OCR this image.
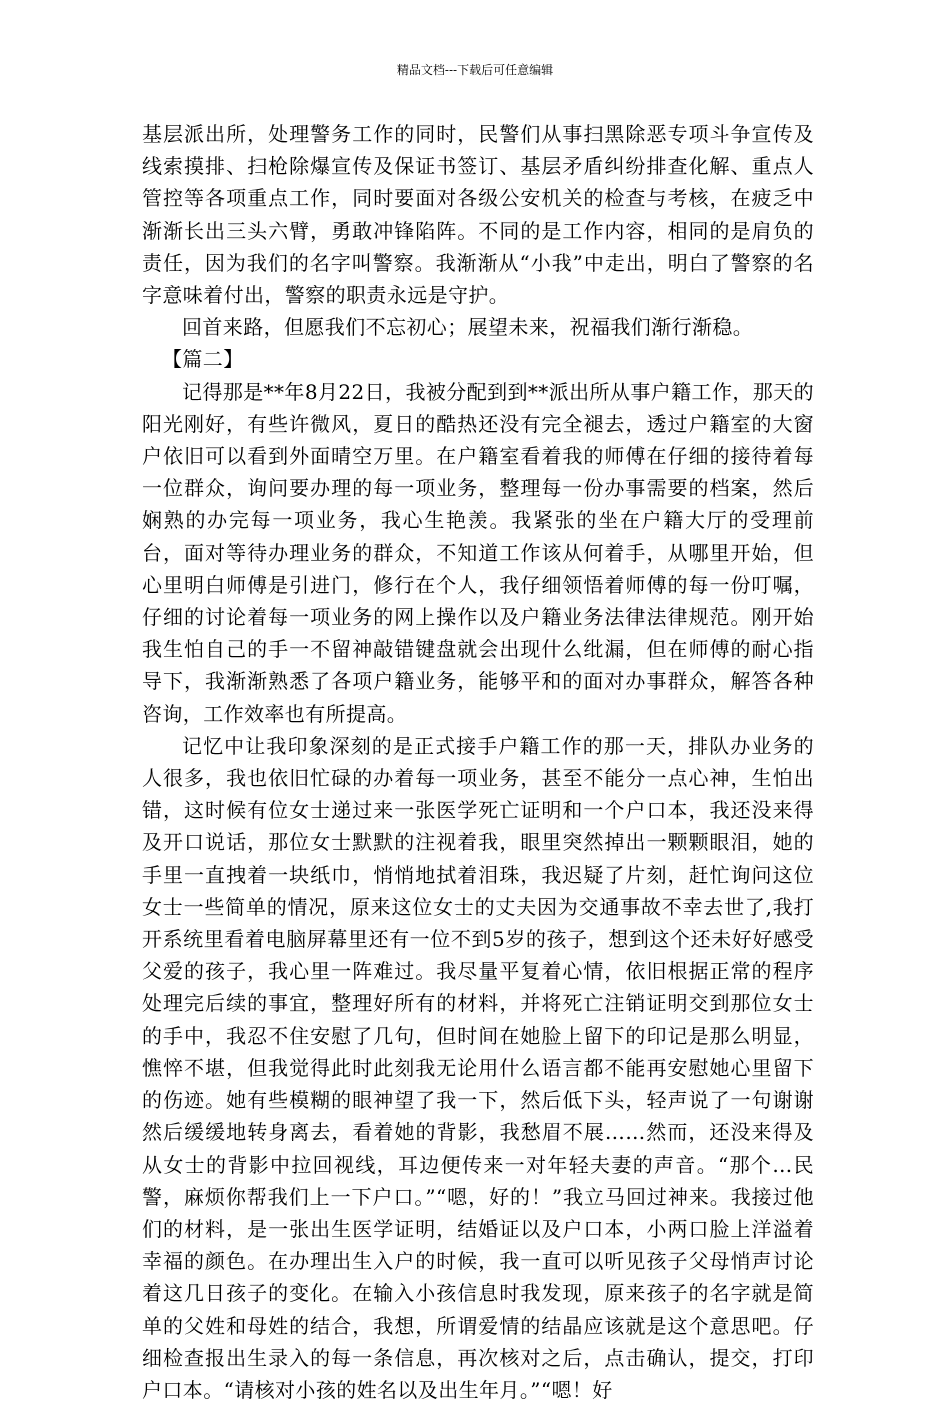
精品文档---下载后可任意编辑

基层派出所，处理警务工作的同时，民警们从事扫黑除恶专项斗争宣传及线索摸排、扫枪除爆宣传及保证书签订、基层矛盾纠纷排查化解、重点人管控等各项重点工作，同时要面对各级公安机关的检查与考核，在疲乏中渐渐长出三头六臂，勇敢冲锋陷阵。不同的是工作内容，相同的是肩负的责任，因为我们的名字叫警察。我渐渐从“小我”中走出，明白了警察的名字意味着付出，警察的职责永远是守护。

回首来路，但愿我们不忘初心；展望未来，祝福我们渐行渐稳。

【篇二】

记得那是**年8月22日，我被分配到到**派出所从事户籍工作，那天的阳光刚好，有些许微风，夏日的酷热还没有完全褪去，透过户籍室的大窗户依旧可以看到外面晴空万里。在户籍室看着我的师傅在仔细的接待着每一位群众，询问要办理的每一项业务，整理每一份办事需要的档案，然后娴熟的办完每一项业务，我心生艳羡。我紧张的坐在户籍大厅的受理前台，面对等待办理业务的群众，不知道工作该从何着手，从哪里开始，但心里明白师傅是引进门，修行在个人，我仔细领悟着师傅的每一份叮嘱，仔细的讨论着每一项业务的网上操作以及户籍业务法律法律规范。刚开始我生怕自己的手一不留神敲错键盘就会出现什么纰漏，但在师傅的耐心指导下，我渐渐熟悉了各项户籍业务，能够平和的面对办事群众，解答各种咨询，工作效率也有所提高。

记忆中让我印象深刻的是正式接手户籍工作的那一天，排队办业务的人很多，我也依旧忙碌的办着每一项业务，甚至不能分一点心神，生怕出错，这时候有位女士递过来一张医学死亡证明和一个户口本，我还没来得及开口说话，那位女士默默的注视着我，眼里突然掉出一颗颗眼泪，她的手里一直拽着一块纸巾，悄悄地拭着泪珠，我迟疑了片刻，赶忙询问这位女士一些简单的情况，原来这位女士的丈夫因为交通事故不幸去世了,我打开系统里看着电脑屏幕里还有一位不到5岁的孩子，想到这个还未好好感受父爱的孩子，我心里一阵难过。我尽量平复着心情，依旧根据正常的程序处理完后续的事宜，整理好所有的材料，并将死亡注销证明交到那位女士的手中，我忍不住安慰了几句，但时间在她脸上留下的印记是那么明显，憔悴不堪，但我觉得此时此刻我无论用什么语言都不能再安慰她心里留下的伤迹。她有些模糊的眼神望了我一下，然后低下头，轻声说了一句谢谢然后缓缓地转身离去，看着她的背影，我愁眉不展……然而，还没来得及从女士的背影中拉回视线，耳边便传来一对年轻夫妻的声音。“那个…民警，麻烦你帮我们上一下户口。”“嗯，好的！”我立马回过神来。我接过他们的材料，是一张出生医学证明，结婚证以及户口本，小两口脸上洋溢着幸福的颜色。在办理出生入户的时候，我一直可以听见孩子父母悄声讨论着这几日孩子的变化。在输入小孩信息时我发现，原来孩子的名字就是简单的父姓和母姓的结合，我想，所谓爱情的结晶应该就是这个意思吧。仔细检查报出生录入的每一条信息，再次核对之后，点击确认，提交，打印户口本。“请核对小孩的姓名以及出生年月。”“嗯！好
